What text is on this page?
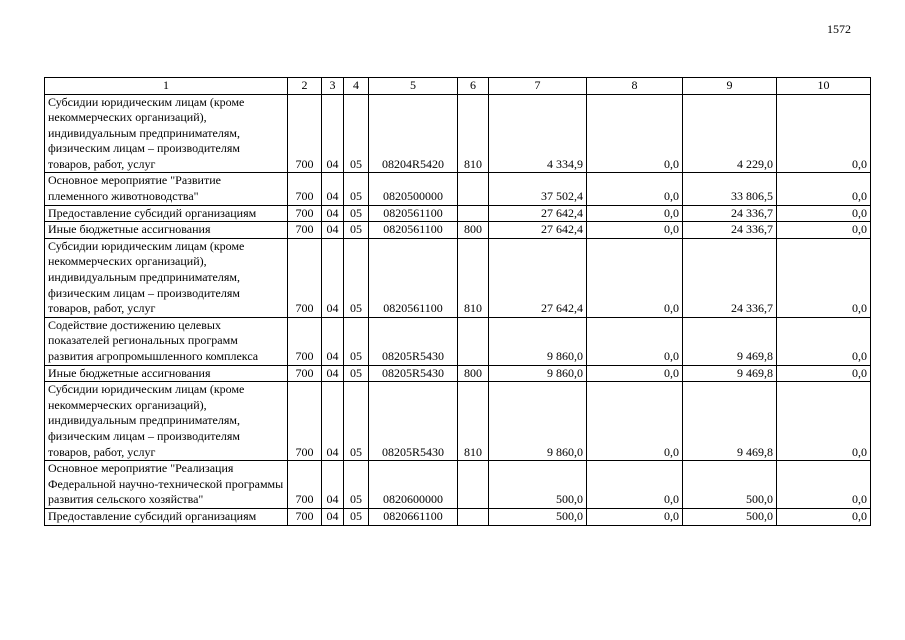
1572
1	2	3	4	5	6	7	8	9	10
Субсидии юридическим лицам (кроме некоммерческих организаций), индивидуальным предпринимателям, физическим лицам – производителям товаров, работ, услуг	700	04	05	08204R5420	810	4 334,9	0,0	4 229,0	0,0
Основное мероприятие "Развитие племенного животноводства"	700	04	05	0820500000		37 502,4	0,0	33 806,5	0,0
Предоставление субсидий организациям	700	04	05	0820561100		27 642,4	0,0	24 336,7	0,0
Иные бюджетные ассигнования	700	04	05	0820561100	800	27 642,4	0,0	24 336,7	0,0
Субсидии юридическим лицам (кроме некоммерческих организаций), индивидуальным предпринимателям, физическим лицам – производителям товаров, работ, услуг	700	04	05	0820561100	810	27 642,4	0,0	24 336,7	0,0
Содействие достижению целевых показателей региональных программ развития агропромышленного комплекса	700	04	05	08205R5430		9 860,0	0,0	9 469,8	0,0
Иные бюджетные ассигнования	700	04	05	08205R5430	800	9 860,0	0,0	9 469,8	0,0
Субсидии юридическим лицам (кроме некоммерческих организаций), индивидуальным предпринимателям, физическим лицам – производителям товаров, работ, услуг	700	04	05	08205R5430	810	9 860,0	0,0	9 469,8	0,0
Основное мероприятие "Реализация Федеральной научно-технической программы развития сельского хозяйства"	700	04	05	0820600000		500,0	0,0	500,0	0,0
Предоставление субсидий организациям	700	04	05	0820661100		500,0	0,0	500,0	0,0
